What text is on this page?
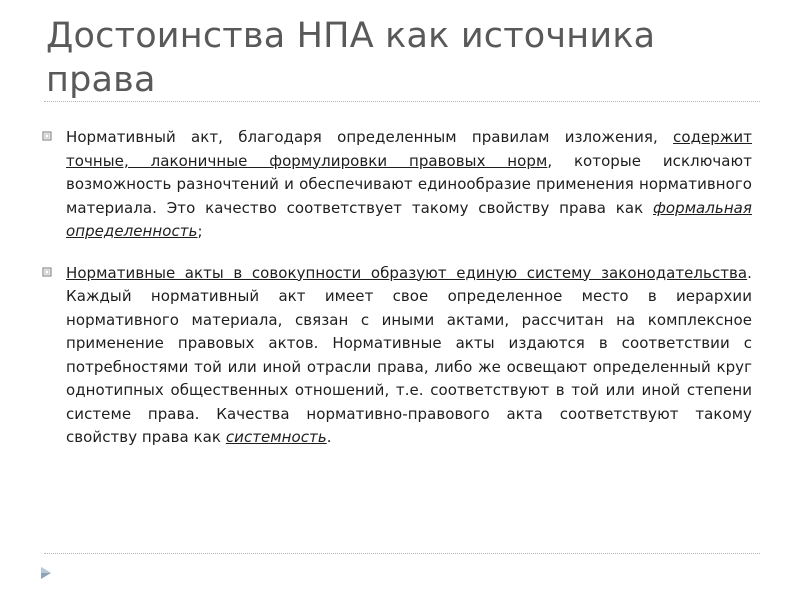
Достоинства НПА как источника права

Нормативный акт, благодаря определенным правилам изложения, содержит точные, лаконичные формулировки правовых норм, которые исключают возможность разночтений и обеспечивают единообразие применения нормативного материала. Это качество соответствует такому свойству права как формальная определенность;

Нормативные акты в совокупности образуют единую систему законодательства. Каждый нормативный акт имеет свое определенное место в иерархии нормативного материала, связан с иными актами, рассчитан на комплексное применение правовых актов. Нормативные акты издаются в соответствии с потребностями той или иной отрасли права, либо же освещают определенный круг однотипных общественных отношений, т.е. соответствуют в той или иной степени системе права. Качества нормативно-правового акта соответствуют такому свойству права как системность.
